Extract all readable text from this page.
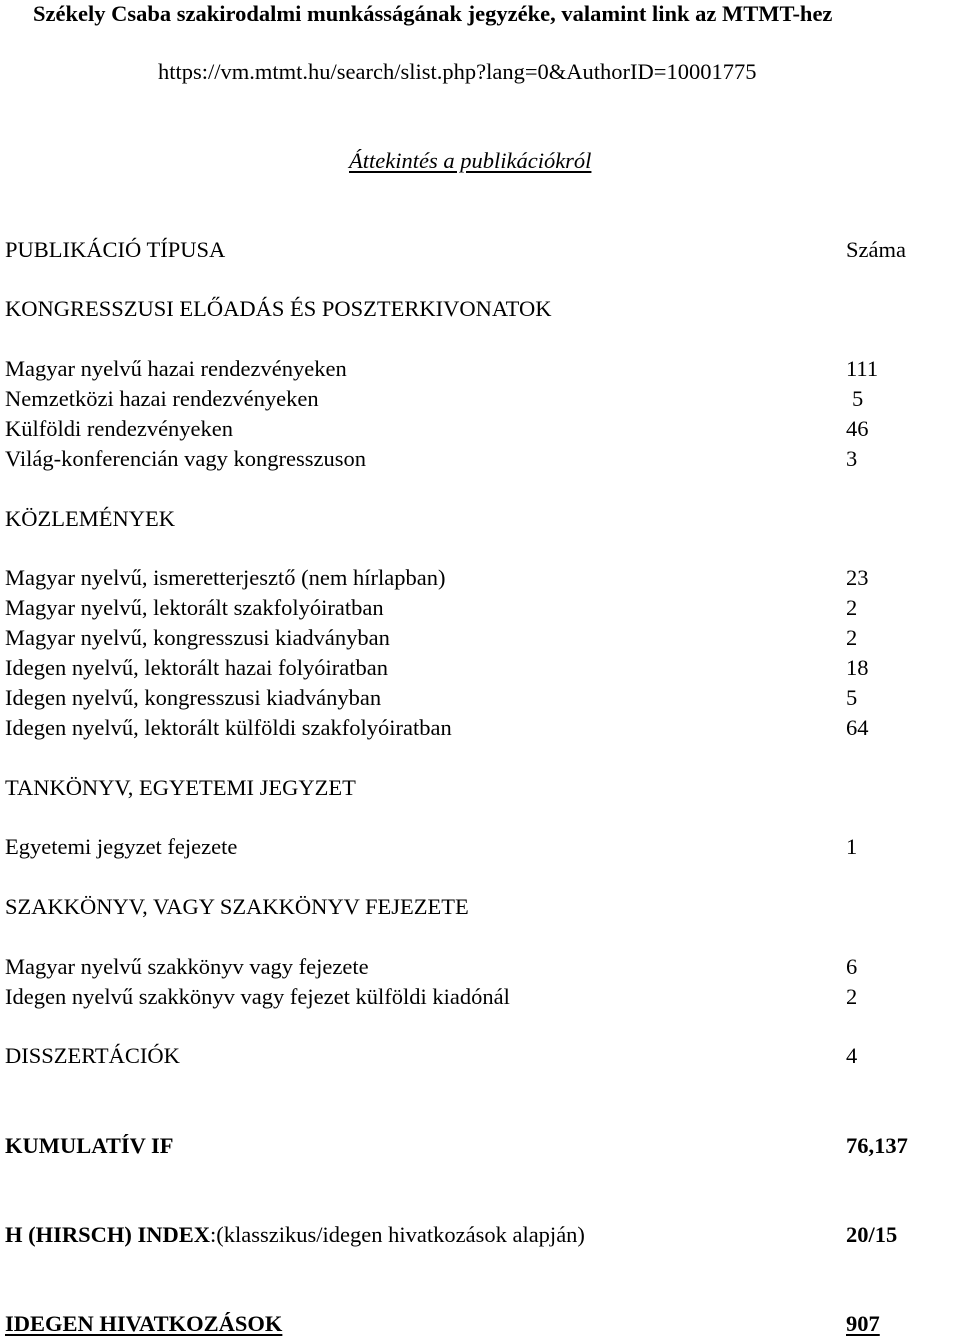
Székely Csaba szakirodalmi munkásságának jegyzéke, valamint link az MTMT-hez
https://vm.mtmt.hu/search/slist.php?lang=0&AuthorID=10001775
Áttekintés a publikációkról
PUBLIKÁCIÓ TÍPUSA	Száma
KONGRESSZUSI ELŐADÁS ÉS POSZTERKIVONATOK
Magyar nyelvű hazai rendezvényeken	111
Nemzetközi hazai rendezvényeken	5
Külföldi rendezvényeken	46
Világ-konferencián vagy kongresszuson	3
KÖZLEMÉNYEK
Magyar nyelvű, ismeretterjesztő (nem hírlapban)	23
Magyar nyelvű, lektorált szakfolyóiratban	2
Magyar nyelvű, kongresszusi kiadványban	2
Idegen nyelvű, lektorált hazai folyóiratban	18
Idegen nyelvű, kongresszusi kiadványban	5
Idegen nyelvű, lektorált külföldi szakfolyóiratban	64
TANKÖNYV, EGYETEMI JEGYZET
Egyetemi jegyzet fejezete	1
SZAKKÖNYV, VAGY SZAKKÖNYV FEJEZETE
Magyar nyelvű szakkönyv vagy fejezete	6
Idegen nyelvű szakkönyv vagy fejezet külföldi kiadónál	2
DISSZERTÁCIÓK	4
KUMULATÍV IF	76,137
H (HIRSCH) INDEX:(klasszikus/idegen hivatkozások alapján)	20/15
IDEGEN HIVATKOZÁSOK	907
